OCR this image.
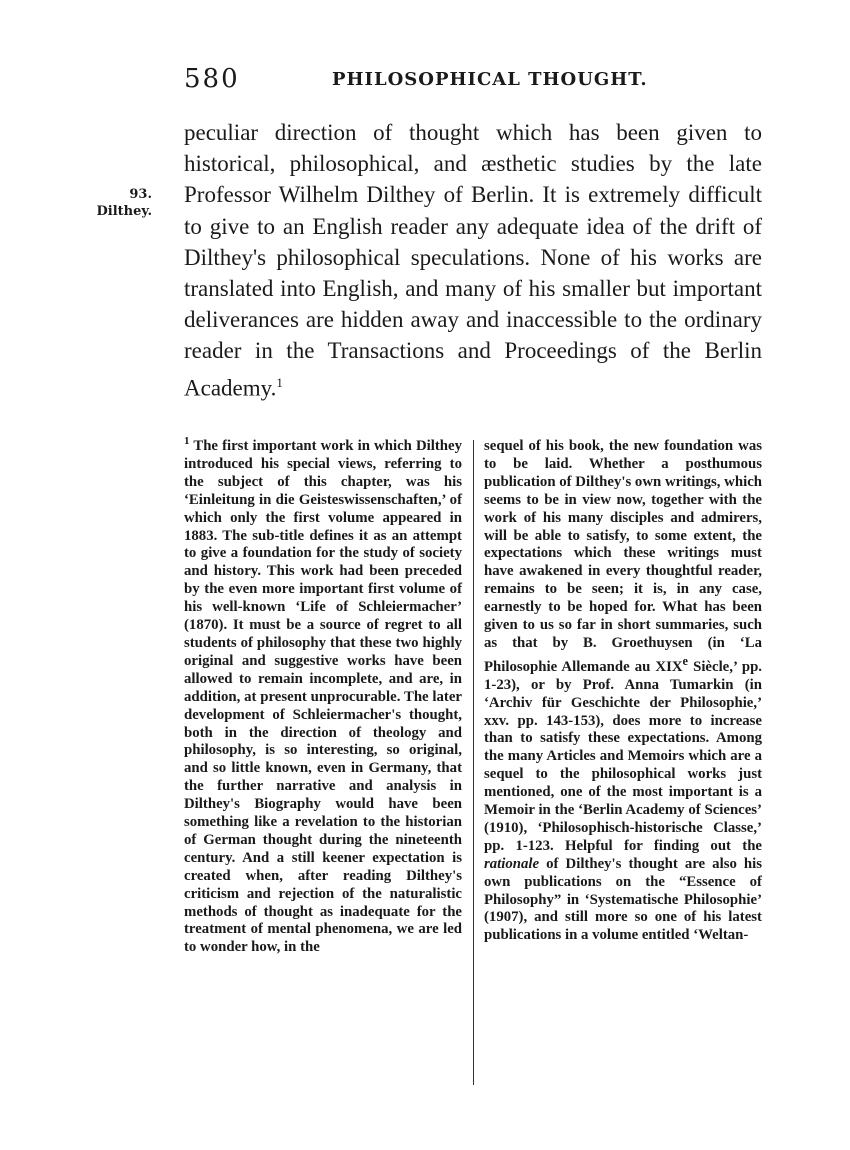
580	PHILOSOPHICAL THOUGHT.
93.
Dilthey.

peculiar direction of thought which has been given to historical, philosophical, and æsthetic studies by the late Professor Wilhelm Dilthey of Berlin. It is extremely difficult to give to an English reader any adequate idea of the drift of Dilthey's philosophical speculations. None of his works are translated into English, and many of his smaller but important deliverances are hidden away and inaccessible to the ordinary reader in the Transactions and Proceedings of the Berlin Academy.$^1$

$^1$ The first important work in which Dilthey introduced his special views, referring to the subject of this chapter, was his ‘Einleitung in die Geisteswissenschaften,’ of which only the first volume appeared in 1883. The sub-title defines it as an attempt to give a foundation for the study of society and history. This work had been preceded by the even more important first volume of his well-known ‘Life of Schleiermacher’ (1870). It must be a source of regret to all students of philosophy that these two highly original and suggestive works have been allowed to remain incomplete, and are, in addition, at present unprocurable. The later development of Schleiermacher's thought, both in the direction of theology and philosophy, is so interesting, so original, and so little known, even in Germany, that the further narrative and analysis in Dilthey's Biography would have been something like a revelation to the historian of German thought during the nineteenth century. And a still keener expectation is created when, after reading Dilthey's criticism and rejection of the naturalistic methods of thought as inadequate for the treatment of mental phenomena, we are led to wonder how, in the

sequel of his book, the new foundation was to be laid. Whether a posthumous publication of Dilthey's own writings, which seems to be in view now, together with the work of his many disciples and admirers, will be able to satisfy, to some extent, the expectations which these writings must have awakened in every thoughtful reader, remains to be seen; it is, in any case, earnestly to be hoped for. What has been given to us so far in short summaries, such as that by B. Groethuysen (in ‘La Philosophie Allemande au XIXe Siècle,’ pp. 1-23), or by Prof. Anna Tumarkin (in ‘Archiv für Geschichte der Philosophie,’ xxv. pp. 143-153), does more to increase than to satisfy these expectations. Among the many Articles and Memoirs which are a sequel to the philosophical works just mentioned, one of the most important is a Memoir in the ‘Berlin Academy of Sciences’ (1910), ‘Philosophisch-historische Classe,’ pp. 1-123. Helpful for finding out the rationale of Dilthey's thought are also his own publications on the “Essence of Philosophy” in ‘Systematische Philosophie’ (1907), and still more so one of his latest publications in a volume entitled ‘Weltan-
